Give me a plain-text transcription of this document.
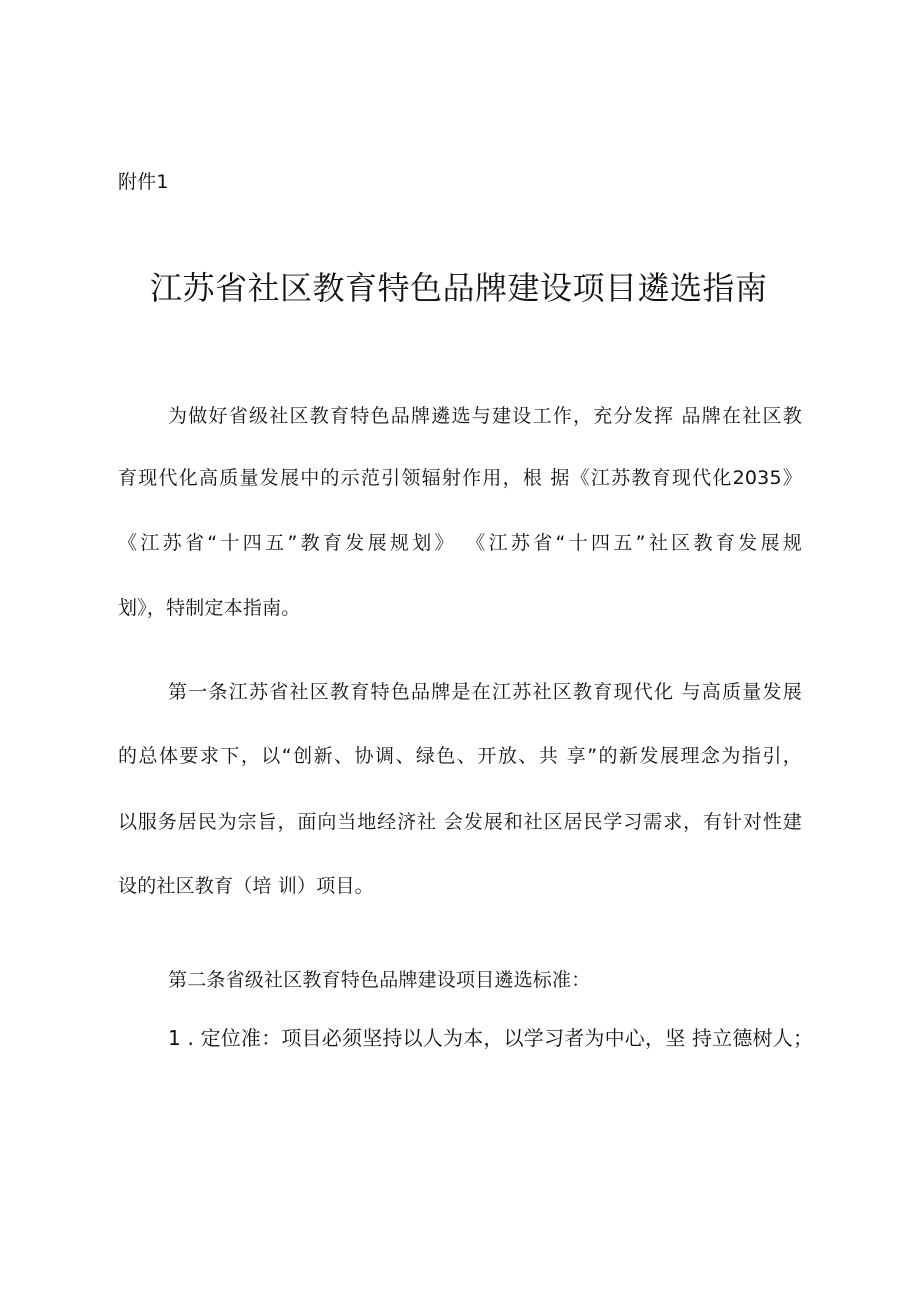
附件1

江苏省社区教育特色品牌建设项目遴选指南

为做好省级社区教育特色品牌遴选与建设工作，充分发挥 品牌在社区教

育现代化高质量发展中的示范引领辐射作用，根 据《江苏教育现代化2035》

《江苏省“十四五”教育发展规划》 《江苏省“十四五”社区教育发展规

划》，特制定本指南。

第一条江苏省社区教育特色品牌是在江苏社区教育现代化 与高质量发展

的总体要求下，以“创新、协调、绿色、开放、共 享”的新发展理念为指引，

以服务居民为宗旨，面向当地经济社 会发展和社区居民学习需求，有针对性建

设的社区教育（培 训）项目。

第二条省级社区教育特色品牌建设项目遴选标准：

1 . 定位准：项目必须坚持以人为本，以学习者为中心，坚 持立德树人；
